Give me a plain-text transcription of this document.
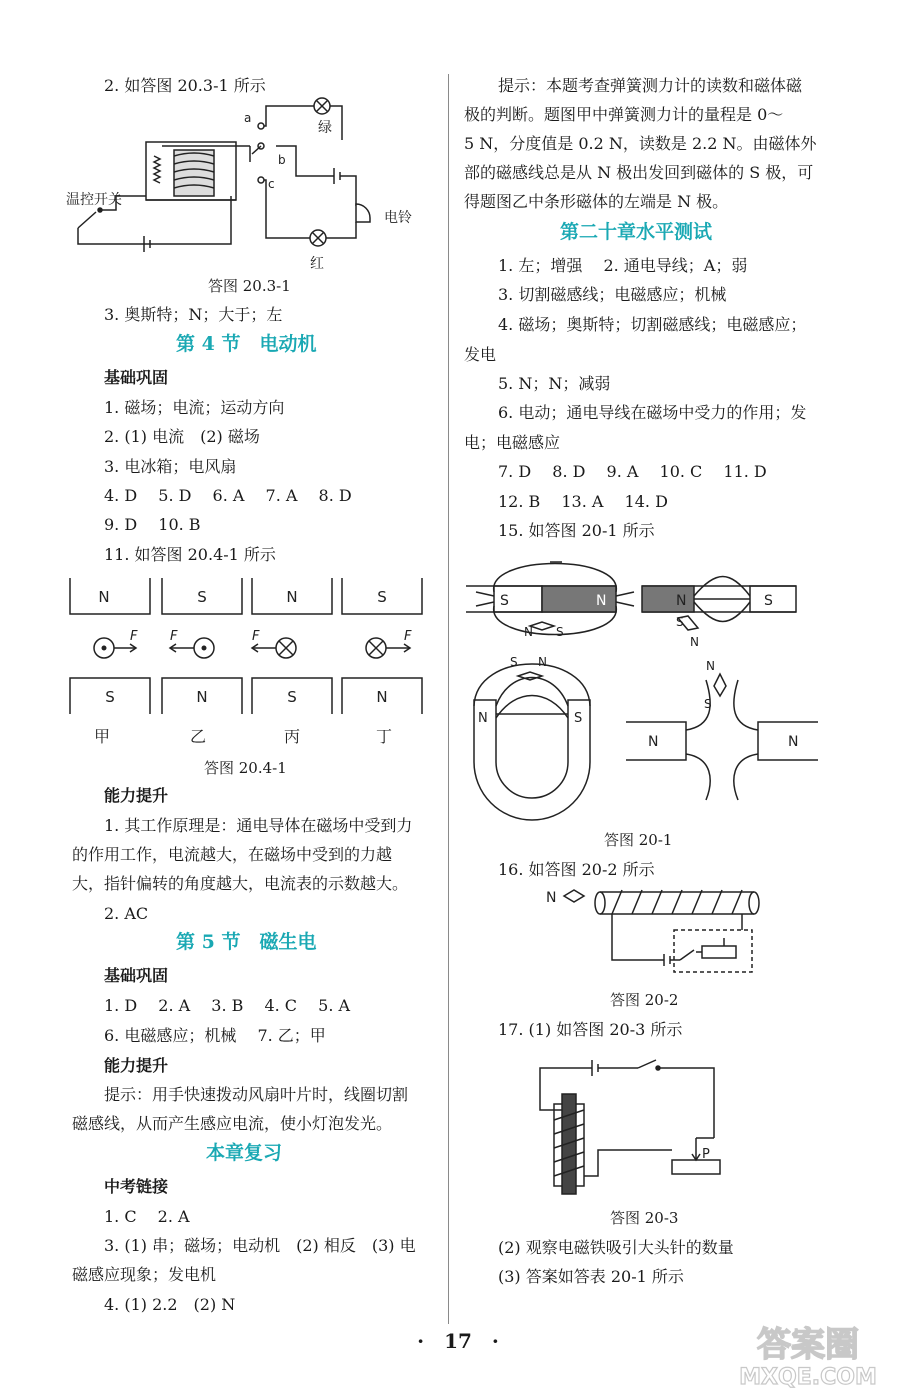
2. 如答图 20.3-1 所示
a
b
c
绿
红
电铃
温控开关
答图 20.3-1
3. 奥斯特；N；大于；左
第 4 节　电动机
基础巩固
1. 磁场；电流；运动方向
2. (1) 电流　(2) 磁场
3. 电冰箱；电风扇
4. D　 5. D　 6. A　 7. A　 8. D
9. D　 10. B
11. 如答图 20.4-1 所示
N	S	N	S
S	N	S	N
F	F	F	F
甲	乙	丙	丁
答图 20.4-1
能力提升
1. 其工作原理是：通电导体在磁场中受到力
的作用工作，电流越大，在磁场中受到的力越
大，指针偏转的角度越大，电流表的示数越大。
2. AC
第 5 节　磁生电
基础巩固
1. D　 2. A　 3. B　 4. C　 5. A
6. 电磁感应；机械　 7. 乙；甲
能力提升
提示：用手快速拨动风扇叶片时，线圈切割
磁感线，从而产生感应电流，使小灯泡发光。
本章复习
中考链接
1. C　 2. A
3. (1) 串；磁场；电动机　(2) 相反　(3) 电
磁感应现象；发电机
4. (1) 2.2　(2) N
提示：本题考查弹簧测力计的读数和磁体磁
极的判断。题图甲中弹簧测力计的量程是 0～
5 N，分度值是 0.2 N，读数是 2.2 N。由磁体外
部的磁感线总是从 N 极出发回到磁体的 S 极，可
得题图乙中条形磁体的左端是 N 极。
第二十章水平测试
1. 左；增强　 2. 通电导线；A；弱
3. 切割磁感线；电磁感应；机械
4. 磁场；奥斯特；切割磁感线；电磁感应；
发电
5. N；N；减弱
6. 电动；通电导线在磁场中受力的作用；发
电；电磁感应
7. D　 8. D　 9. A　 10. C　 11. D
12. B　 13. A　 14. D
15. 如答图 20-1 所示
S	N
N S
N	S
S
N
S N
N	S
N	N
N
S
答图 20-1
16. 如答图 20-2 所示
N
答图 20-2
17. (1) 如答图 20-3 所示
P
答图 20-3
(2) 观察电磁铁吸引大头针的数量
(3) 答案如答表 20-1 所示
·　17　·	答案圈
MXQE.COM
